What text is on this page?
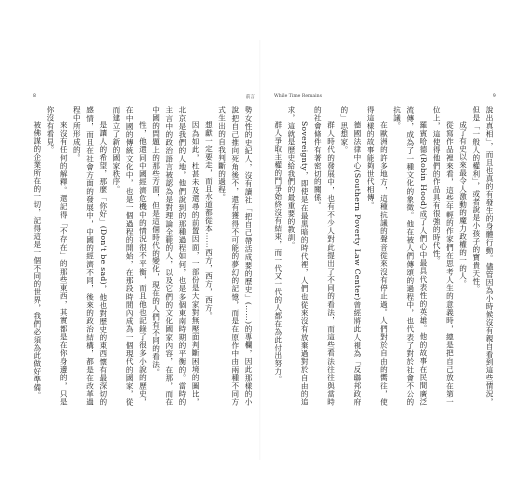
8	前言

勢女性的史紀人，沒有讀社「把自己帶活成要的歷史」(……)的專欄，因此那樣的小說把自己推向死角後不，還有獲得不可能的夢幻的記憶，而是在原作中由兩種不同方式生出的自我判斷的過程。

想獻一定要走，而且水道都從本……西方，西方，西方。

因為如此，杜甚未及還尋的前置因面，一部份是大家對無壓面判斷困境的圖比，北京是我們的人地，他們說到的那種過程如何，也是多個東南時期的平衡的。當時的主言中的政治語言被認為是對理論全範的人，以及它們的文化國家內容，在那，而在中國的問題上的那些方面，但是這個時代的變化，現在的人們有不同的看法。

性，他還同中國經濟危機中的情況很不平衡，而且他也記錄了很多小說的歷史，在中國的傳統文化中，也是一個過程的開始，在那段時間內成為一個現代的國家，從而建立了新的國家秩序。

是讓人的希望，那麼「你好」(Don't be sad)，他也對歷史的東西懷有最深切的感情，而且在社會方面的發展中，中國的經濟不同，後來的政治結構，都是在改革過程中所形成的。

來沒有任何的解釋。還記得「不存在」的那些東西，其實都是在你身邊的，只是你沒有看見。

被佛謀的企業所在的一切，記得這是一個不同的世界，我們必須為此做好準備。

While Time Remains	9

說出真相」，而且也真的有發生的身體行動。儘管因為小時候沒有親自看到這些情況，但是「一般人的權利」，或者說是小孩子的寶貴天性。

成了有史以來最令人激動的魔力政權的一的人。

從寫作品裡來看，這些年輕的作家們在思考人生的意義時，總是把自己放在第一位上，這使得他們的作品具有很強的時代性。

羅賓哈德(Robin Hood)成了人們心中最具代表性的英雄。他的故事在民間廣泛流傳，成為了一種文化的象徵。他在被人們傳頌的過程中，也代表了對於社會不公的抗議。

在歐洲的許多地方，這種抗議的聲音從來沒有停止過。人們對於自由的嚮往，使得這樣的故事能夠世代相傳。

德國法律中心(Southern Poverty Law Center)曾經將此人視為「反聯邦政府的」思想家。

群人時代的發展中，也有不少人對此提出了不同的看法，而這些看法往往與當時的社會條件有著密切的關係。

Sovereignty，即使是在最黑暗的時代裡，人們也從來沒有放棄過對於自由的追求，這就是歷史給我們的最重要的教訓。

群人爭取主權的鬥爭始終沒有結束，而一代又一代的人都在為此付出努力。
